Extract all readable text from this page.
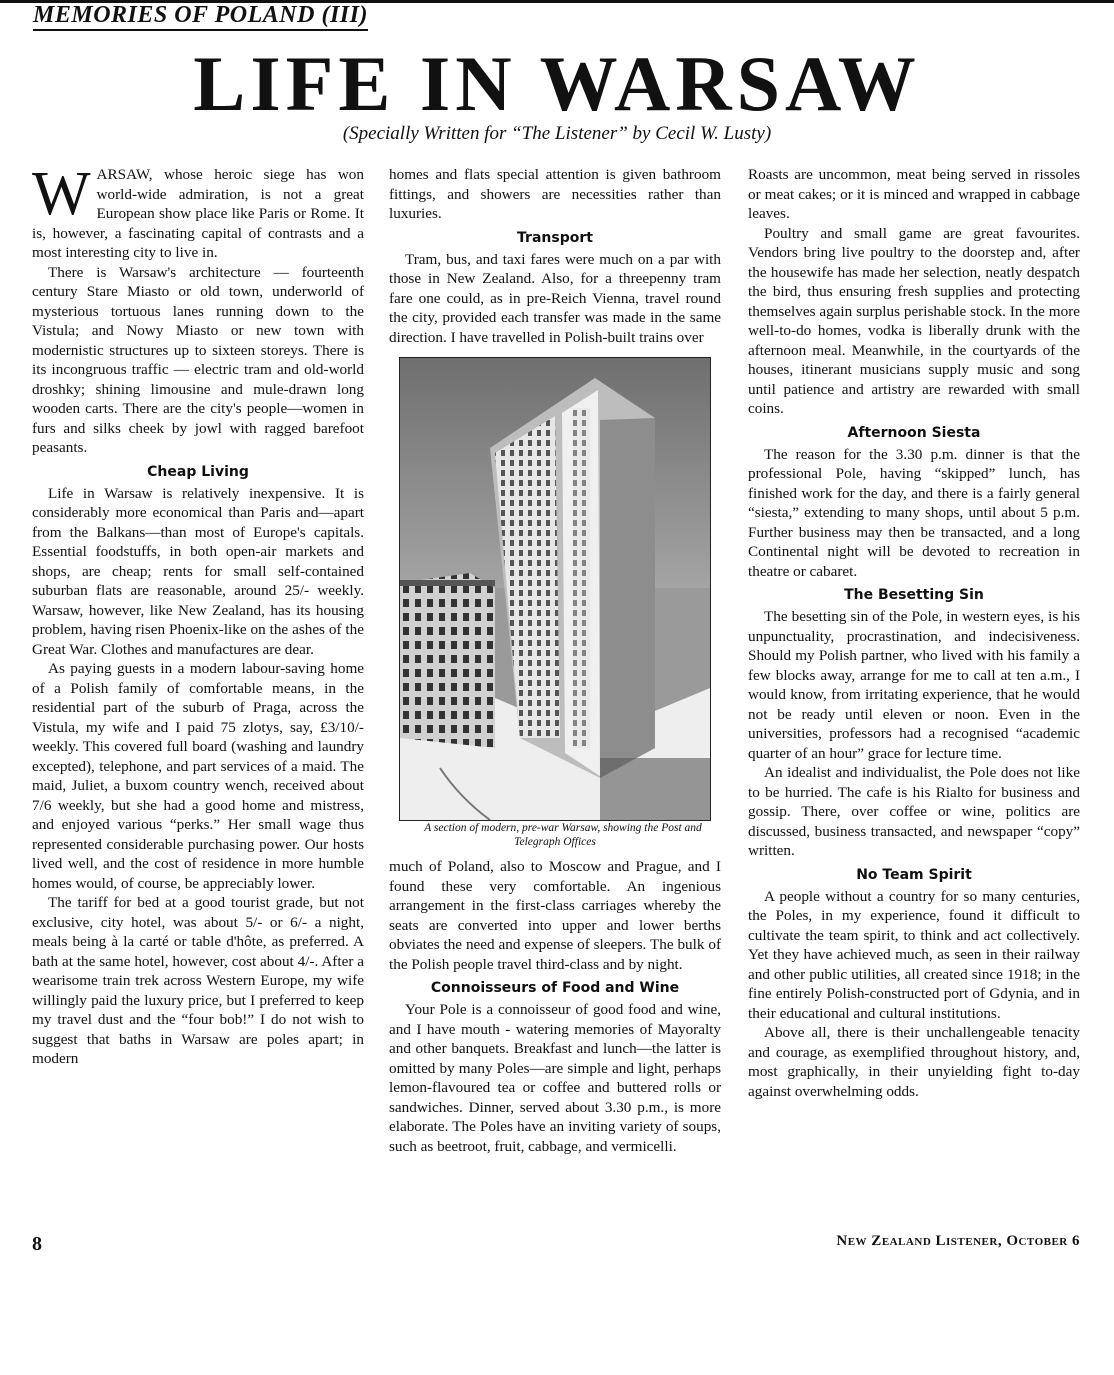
MEMORIES OF POLAND (III)
LIFE IN WARSAW

(Specially Written for “The Listener” by Cecil W. Lusty)

WARSAW, whose heroic siege has won world-wide admiration, is not a great European show place like Paris or Rome. It is, however, a fascinating capital of contrasts and a most interesting city to live in.

There is Warsaw's architecture — fourteenth century Stare Miasto or old town, underworld of mysterious tortuous lanes running down to the Vistula; and Nowy Miasto or new town with modernistic structures up to sixteen storeys. There is its incongruous traffic — electric tram and old-world droshky; shining limousine and mule-drawn long wooden carts. There are the city's people—women in furs and silks cheek by jowl with ragged barefoot peasants.

Cheap Living

Life in Warsaw is relatively inexpensive. It is considerably more economical than Paris and—apart from the Balkans—than most of Europe's capitals. Essential foodstuffs, in both open-air markets and shops, are cheap; rents for small self-contained suburban flats are reasonable, around 25/- weekly. Warsaw, however, like New Zealand, has its housing problem, having risen Phoenix-like on the ashes of the Great War. Clothes and manufactures are dear.

As paying guests in a modern labour-saving home of a Polish family of comfortable means, in the residential part of the suburb of Praga, across the Vistula, my wife and I paid 75 zlotys, say, £3/10/- weekly. This covered full board (washing and laundry excepted), telephone, and part services of a maid. The maid, Juliet, a buxom country wench, received about 7/6 weekly, but she had a good home and mistress, and enjoyed various “perks.” Her small wage thus represented considerable purchasing power. Our hosts lived well, and the cost of residence in more humble homes would, of course, be appreciably lower.

The tariff for bed at a good tourist grade, but not exclusive, city hotel, was about 5/- or 6/- a night, meals being à la carté or table d'hôte, as preferred. A bath at the same hotel, however, cost about 4/-. After a wearisome train trek across Western Europe, my wife willingly paid the luxury price, but I preferred to keep my travel dust and the “four bob!” I do not wish to suggest that baths in Warsaw are poles apart; in modern

homes and flats special attention is given bathroom fittings, and showers are necessities rather than luxuries.

Transport

Tram, bus, and taxi fares were much on a par with those in New Zealand. Also, for a threepenny tram fare one could, as in pre-Reich Vienna, travel round the city, provided each transfer was made in the same direction. I have travelled in Polish-built trains over

A section of modern, pre-war Warsaw, showing the Post and Telegraph Offices

much of Poland, also to Moscow and Prague, and I found these very comfortable. An ingenious arrangement in the first-class carriages whereby the seats are converted into upper and lower berths obviates the need and expense of sleepers. The bulk of the Polish people travel third-class and by night.

Connoisseurs of Food and Wine

Your Pole is a connoisseur of good food and wine, and I have mouth - watering memories of Mayoralty and other banquets. Breakfast and lunch—the latter is omitted by many Poles—are simple and light, perhaps lemon-flavoured tea or coffee and buttered rolls or sandwiches. Dinner, served about 3.30 p.m., is more elaborate. The Poles have an inviting variety of soups, such as beetroot, fruit, cabbage, and vermicelli.

Roasts are uncommon, meat being served in rissoles or meat cakes; or it is minced and wrapped in cabbage leaves.

Poultry and small game are great favourites. Vendors bring live poultry to the doorstep and, after the housewife has made her selection, neatly despatch the bird, thus ensuring fresh supplies and protecting themselves again surplus perishable stock. In the more well-to-do homes, vodka is liberally drunk with the afternoon meal. Meanwhile, in the courtyards of the houses, itinerant musicians supply music and song until patience and artistry are rewarded with small coins.

Afternoon Siesta

The reason for the 3.30 p.m. dinner is that the professional Pole, having “skipped” lunch, has finished work for the day, and there is a fairly general “siesta,” extending to many shops, until about 5 p.m. Further business may then be transacted, and a long Continental night will be devoted to recreation in theatre or cabaret.

The Besetting Sin

The besetting sin of the Pole, in western eyes, is his unpunctuality, procrastination, and indecisiveness. Should my Polish partner, who lived with his family a few blocks away, arrange for me to call at ten a.m., I would know, from irritating experience, that he would not be ready until eleven or noon. Even in the universities, professors had a recognised “academic quarter of an hour” grace for lecture time.

An idealist and individualist, the Pole does not like to be hurried. The cafe is his Rialto for business and gossip. There, over coffee or wine, politics are discussed, business transacted, and newspaper “copy” written.

No Team Spirit

A people without a country for so many centuries, the Poles, in my experience, found it difficult to cultivate the team spirit, to think and act collectively. Yet they have achieved much, as seen in their railway and other public utilities, all created since 1918; in the fine entirely Polish-constructed port of Gdynia, and in their educational and cultural institutions.

Above all, there is their unchallengeable tenacity and courage, as exemplified throughout history, and, most graphically, in their unyielding fight to-day against overwhelming odds.

8	New Zealand Listener, October 6
